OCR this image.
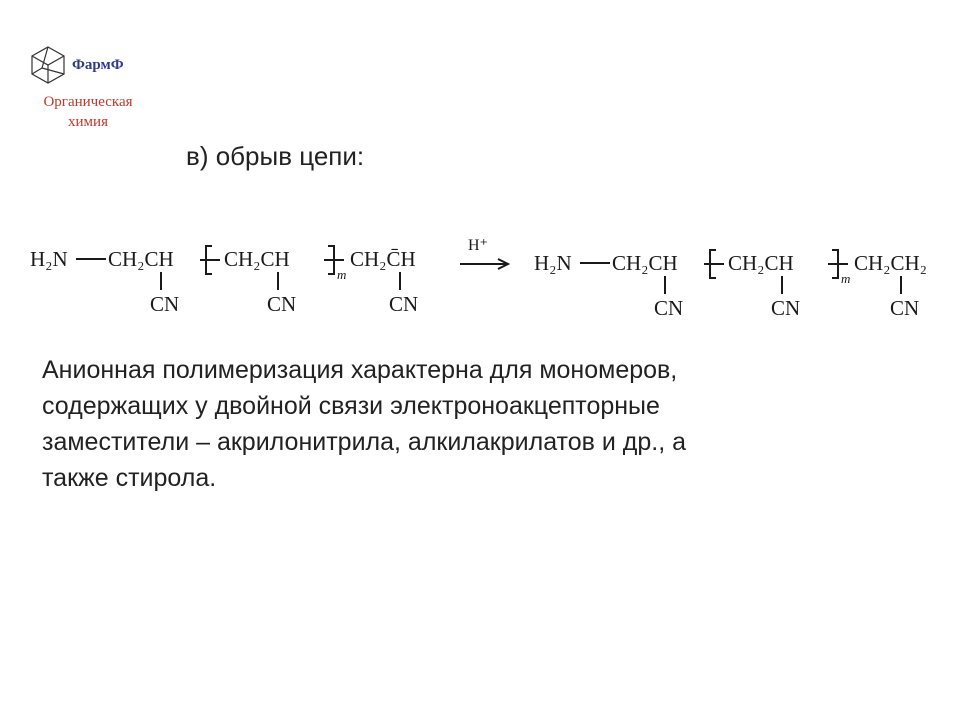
ФармФ
Органическая
химия
в) обрыв цепи:
H₂N CH₂CH
CN
CH₂CH
CN
m
CH₂C̄H
CN
H⁺
H₂N CH₂CH
CN
CH₂CH
CN
m
CH₂CH₂
CN
Анионная полимеризация характерна для мономеров,
содержащих у двойной связи электроноакцепторные
заместители – акрилонитрила, алкилакрилатов и др., а
также стирола.
